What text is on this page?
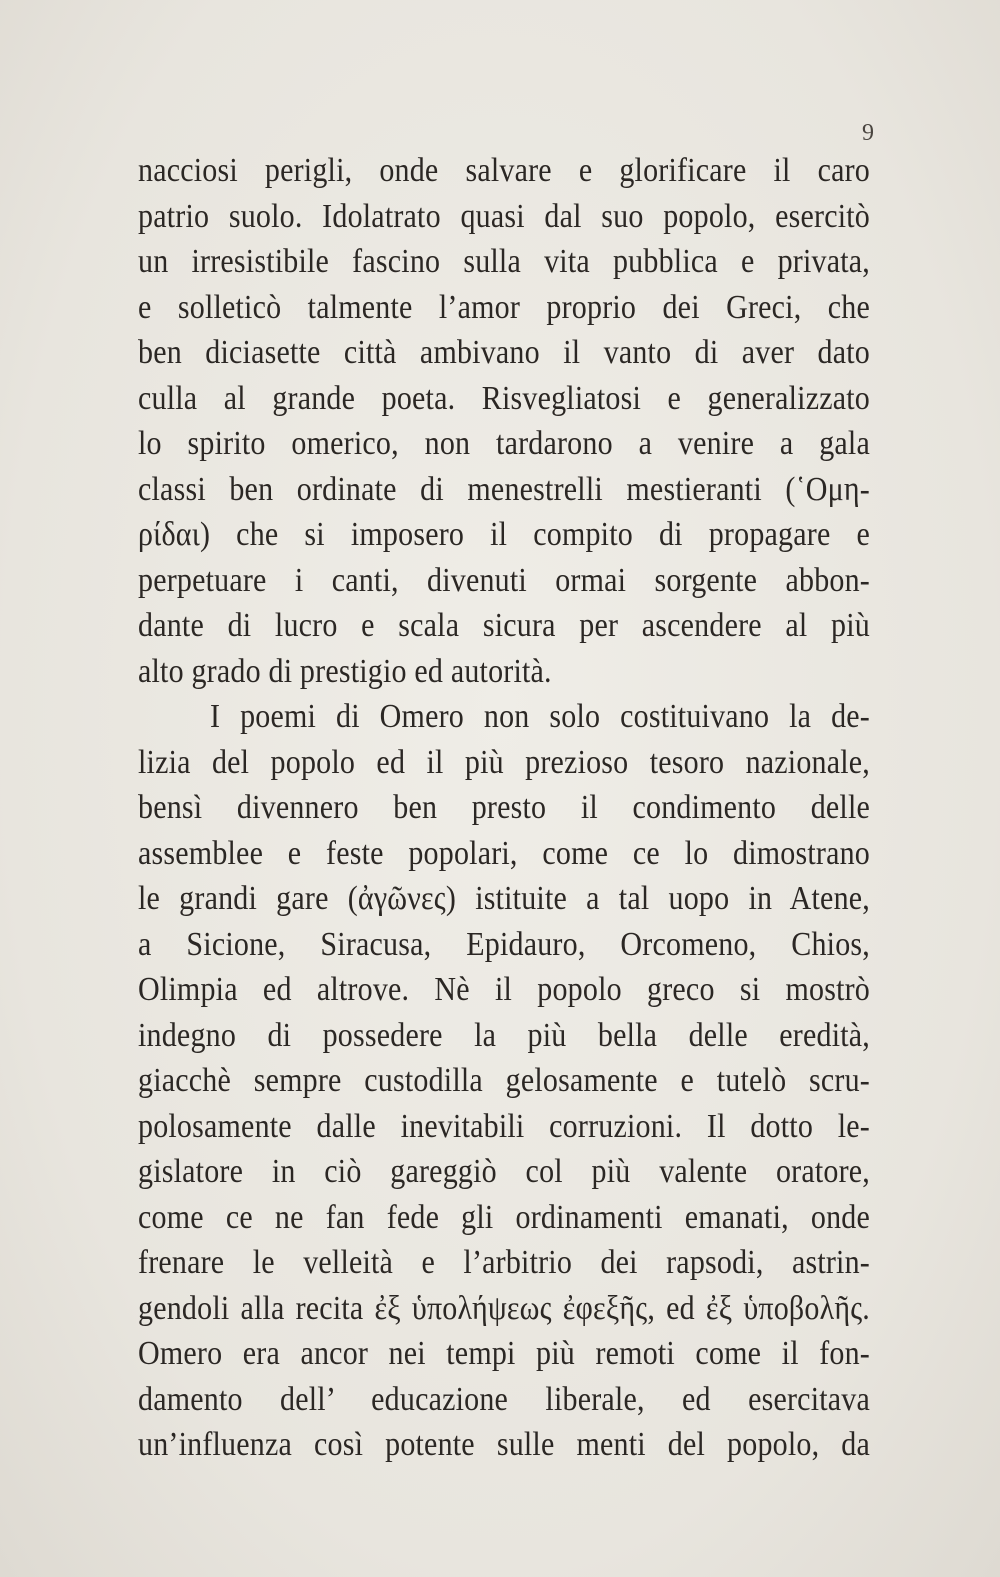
9
nacciosi perigli, onde salvare e glorificare il caro
patrio suolo. Idolatrato quasi dal suo popolo, esercitò
un irresistibile fascino sulla vita pubblica e privata,
e solleticò talmente l’amor proprio dei Greci, che
ben diciasette città ambivano il vanto di aver dato
culla al grande poeta. Risvegliatosi e generalizzato
lo spirito omerico, non tardarono a venire a gala
classi ben ordinate di menestrelli mestieranti (῾Ομη-
ρίδαι) che si imposero il compito di propagare e
perpetuare i canti, divenuti ormai sorgente abbon-
dante di lucro e scala sicura per ascendere al più
alto grado di prestigio ed autorità.
I poemi di Omero non solo costituivano la de-
lizia del popolo ed il più prezioso tesoro nazionale,
bensì divennero ben presto il condimento delle
assemblee e feste popolari, come ce lo dimostrano
le grandi gare (ἀγῶνες) istituite a tal uopo in Atene,
a Sicione, Siracusa, Epidauro, Orcomeno, Chios,
Olimpia ed altrove. Nè il popolo greco si mostrò
indegno di possedere la più bella delle eredità,
giacchè sempre custodilla gelosamente e tutelò scru-
polosamente dalle inevitabili corruzioni. Il dotto le-
gislatore in ciò gareggiò col più valente oratore,
come ce ne fan fede gli ordinamenti emanati, onde
frenare le velleità e l’arbitrio dei rapsodi, astrin-
gendoli alla recita ἐξ ὑπολήψεως ἐφεξῆς, ed ἐξ ὑποβολῆς.
Omero era ancor nei tempi più remoti come il fon-
damento dell’ educazione liberale, ed esercitava
un’influenza così potente sulle menti del popolo, da
